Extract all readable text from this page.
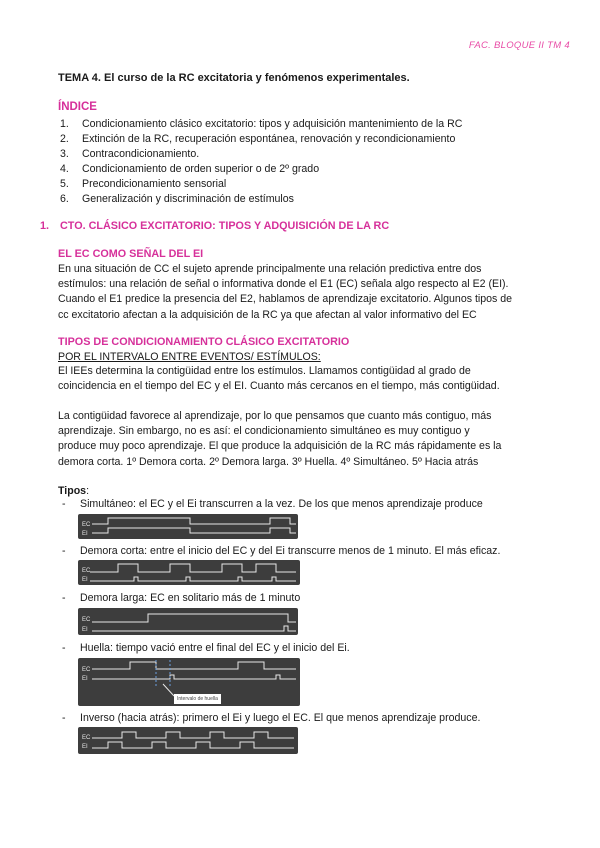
FAC. BLOQUE II TM 4
TEMA 4. El curso de la RC excitatoria y fenómenos experimentales.
ÍNDICE
1.	Condicionamiento clásico excitatorio: tipos y adquisición mantenimiento de la RC
2.	Extinción de la RC, recuperación espontánea, renovación y recondicionamiento
3.	Contracondicionamiento.
4.	Condicionamiento de orden superior o de 2º grado
5.	Precondicionamiento sensorial
6.	Generalización y discriminación de estímulos
1. CTO. CLÁSICO EXCITATORIO: TIPOS Y ADQUISICIÓN DE LA RC
EL EC COMO SEÑAL DEL EI

En una situación de CC el sujeto aprende principalmente una relación predictiva entre dos

estímulos: una relación de señal o informativa donde el E1 (EC) señala algo respecto al E2 (EI).

Cuando el E1 predice la presencia del E2, hablamos de aprendizaje excitatorio. Algunos tipos de

cc excitatorio afectan a la adquisición de la RC ya que afectan al valor informativo del EC

TIPOS DE CONDICIONAMIENTO CLÁSICO EXCITATORIO
POR EL INTERVALO ENTRE EVENTOS/ ESTÍMULOS:

El IEEs determina la contigüidad entre los estímulos. Llamamos contigüidad al grado de

coincidencia en el tiempo del EC y el EI. Cuanto más cercanos en el tiempo, más contigüidad.

La contigüidad favorece al aprendizaje, por lo que pensamos que cuanto más contiguo, más

aprendizaje. Sin embargo, no es así: el condicionamiento simultáneo es muy contiguo y

produce muy poco aprendizaje. El que produce la adquisición de la RC más rápidamente es la

demora corta. 1º Demora corta. 2º Demora larga. 3º Huella. 4º Simultáneo. 5º Hacia atrás

Tipos:
-	Simultáneo: el EC y el Ei transcurren a la vez. De los que menos aprendizaje produce
EC
EI
-	Demora corta: entre el inicio del EC y del Ei transcurre menos de 1 minuto. El más eficaz.
EC
EI
-	Demora larga: EC en solitario más de 1 minuto
EC
EI
-	Huella: tiempo vació entre el final del EC y el inicio del Ei.
EC
EI
Intervalo de huella
-	Inverso (hacia atrás): primero el Ei y luego el EC. El que menos aprendizaje produce.
EC
EI
